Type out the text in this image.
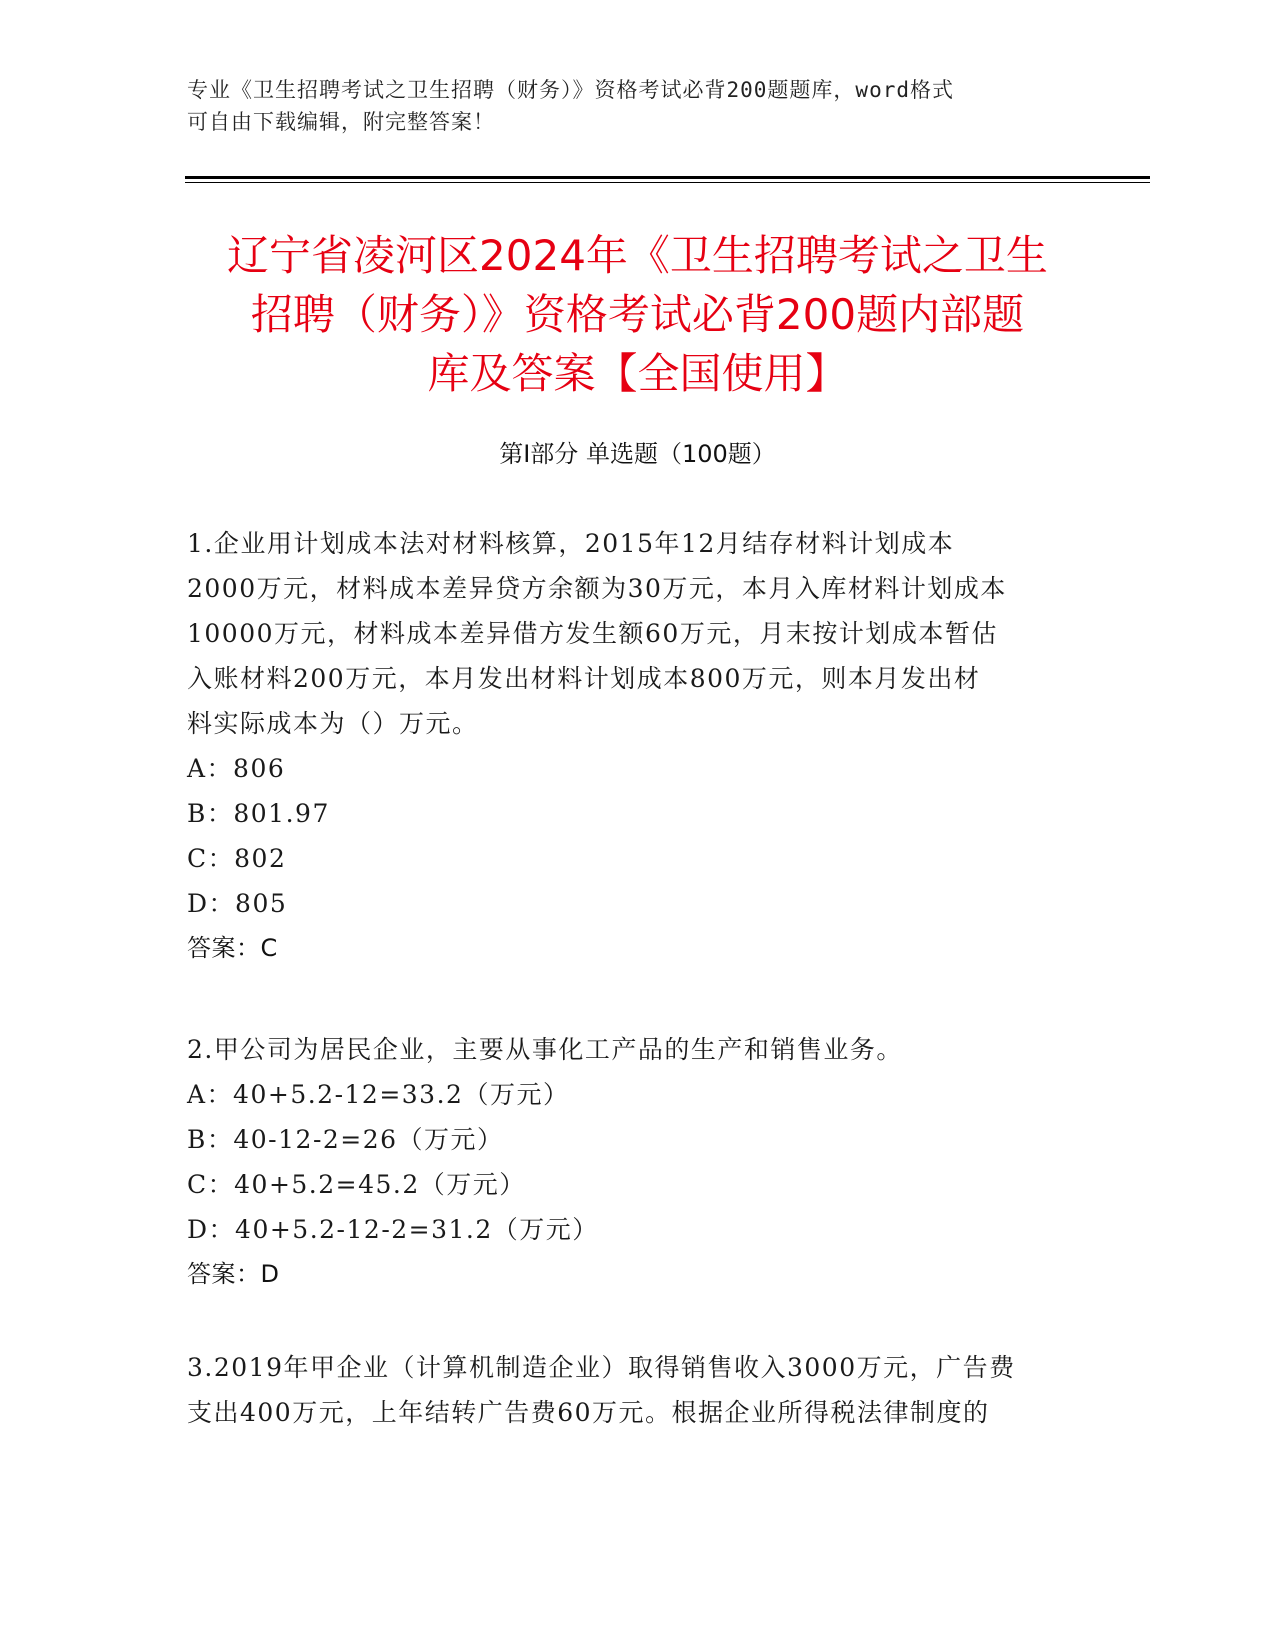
专业《卫生招聘考试之卫生招聘（财务）》资格考试必背200题题库，word格式
可自由下载编辑，附完整答案！
辽宁省凌河区2024年《卫生招聘考试之卫生
招聘（财务）》资格考试必背200题内部题
库及答案【全国使用】
第Ⅰ部分 单选题（100题）
1.企业用计划成本法对材料核算，2015年12月结存材料计划成本
2000万元，材料成本差异贷方余额为30万元，本月入库材料计划成本
10000万元，材料成本差异借方发生额60万元，月末按计划成本暂估
入账材料200万元，本月发出材料计划成本800万元，则本月发出材
料实际成本为（）万元。
A：806
B：801.97
C：802
D：805
答案：C
2.甲公司为居民企业，主要从事化工产品的生产和销售业务。
A：40+5.2-12=33.2（万元）
B：40-12-2=26（万元）
C：40+5.2=45.2（万元）
D：40+5.2-12-2=31.2（万元）
答案：D
3.2019年甲企业（计算机制造企业）取得销售收入3000万元，广告费
支出400万元，上年结转广告费60万元。根据企业所得税法律制度的
